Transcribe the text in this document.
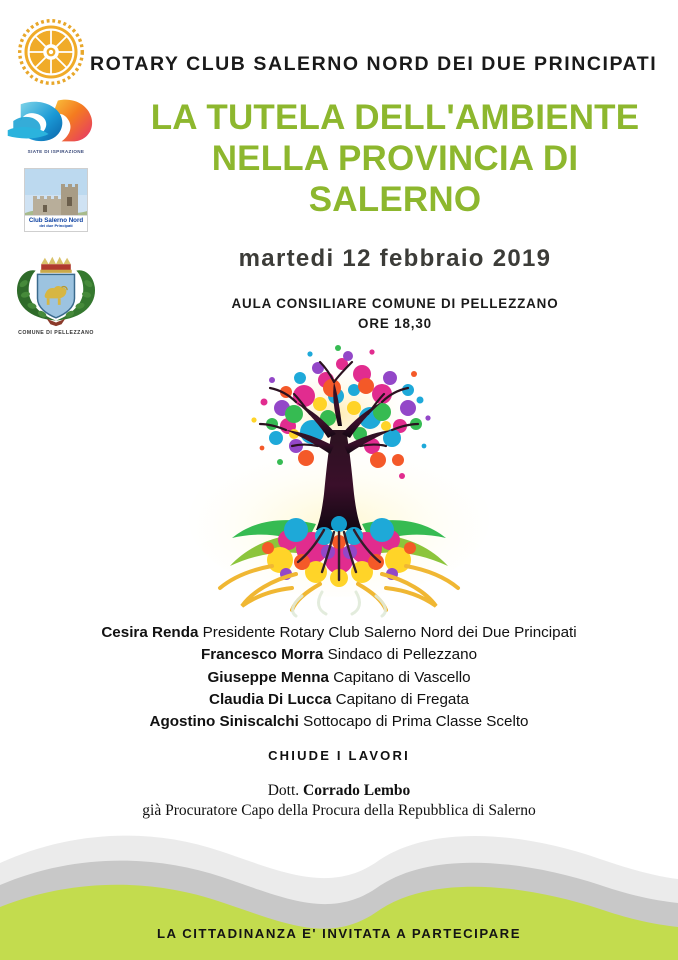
ROTARY CLUB SALERNO NORD DEI DUE PRINCIPATI
SIATE DI ISPIRAZIONE
Club Salerno Nord
dei due Principati
COMUNE DI PELLEZZANO
LA TUTELA DELL'AMBIENTE
NELLA PROVINCIA DI
SALERNO
martedi 12 febbraio 2019
AULA CONSILIARE COMUNE DI PELLEZZANO
ORE 18,30
Cesira Renda Presidente Rotary Club Salerno Nord dei Due Principati
Francesco Morra Sindaco di Pellezzano
Giuseppe Menna Capitano di Vascello
Claudia Di Lucca Capitano di Fregata
Agostino Siniscalchi Sottocapo di Prima Classe Scelto
CHIUDE I LAVORI
Dott. Corrado Lembo
già Procuratore Capo della Procura della Repubblica di Salerno
LA CITTADINANZA E' INVITATA A PARTECIPARE
